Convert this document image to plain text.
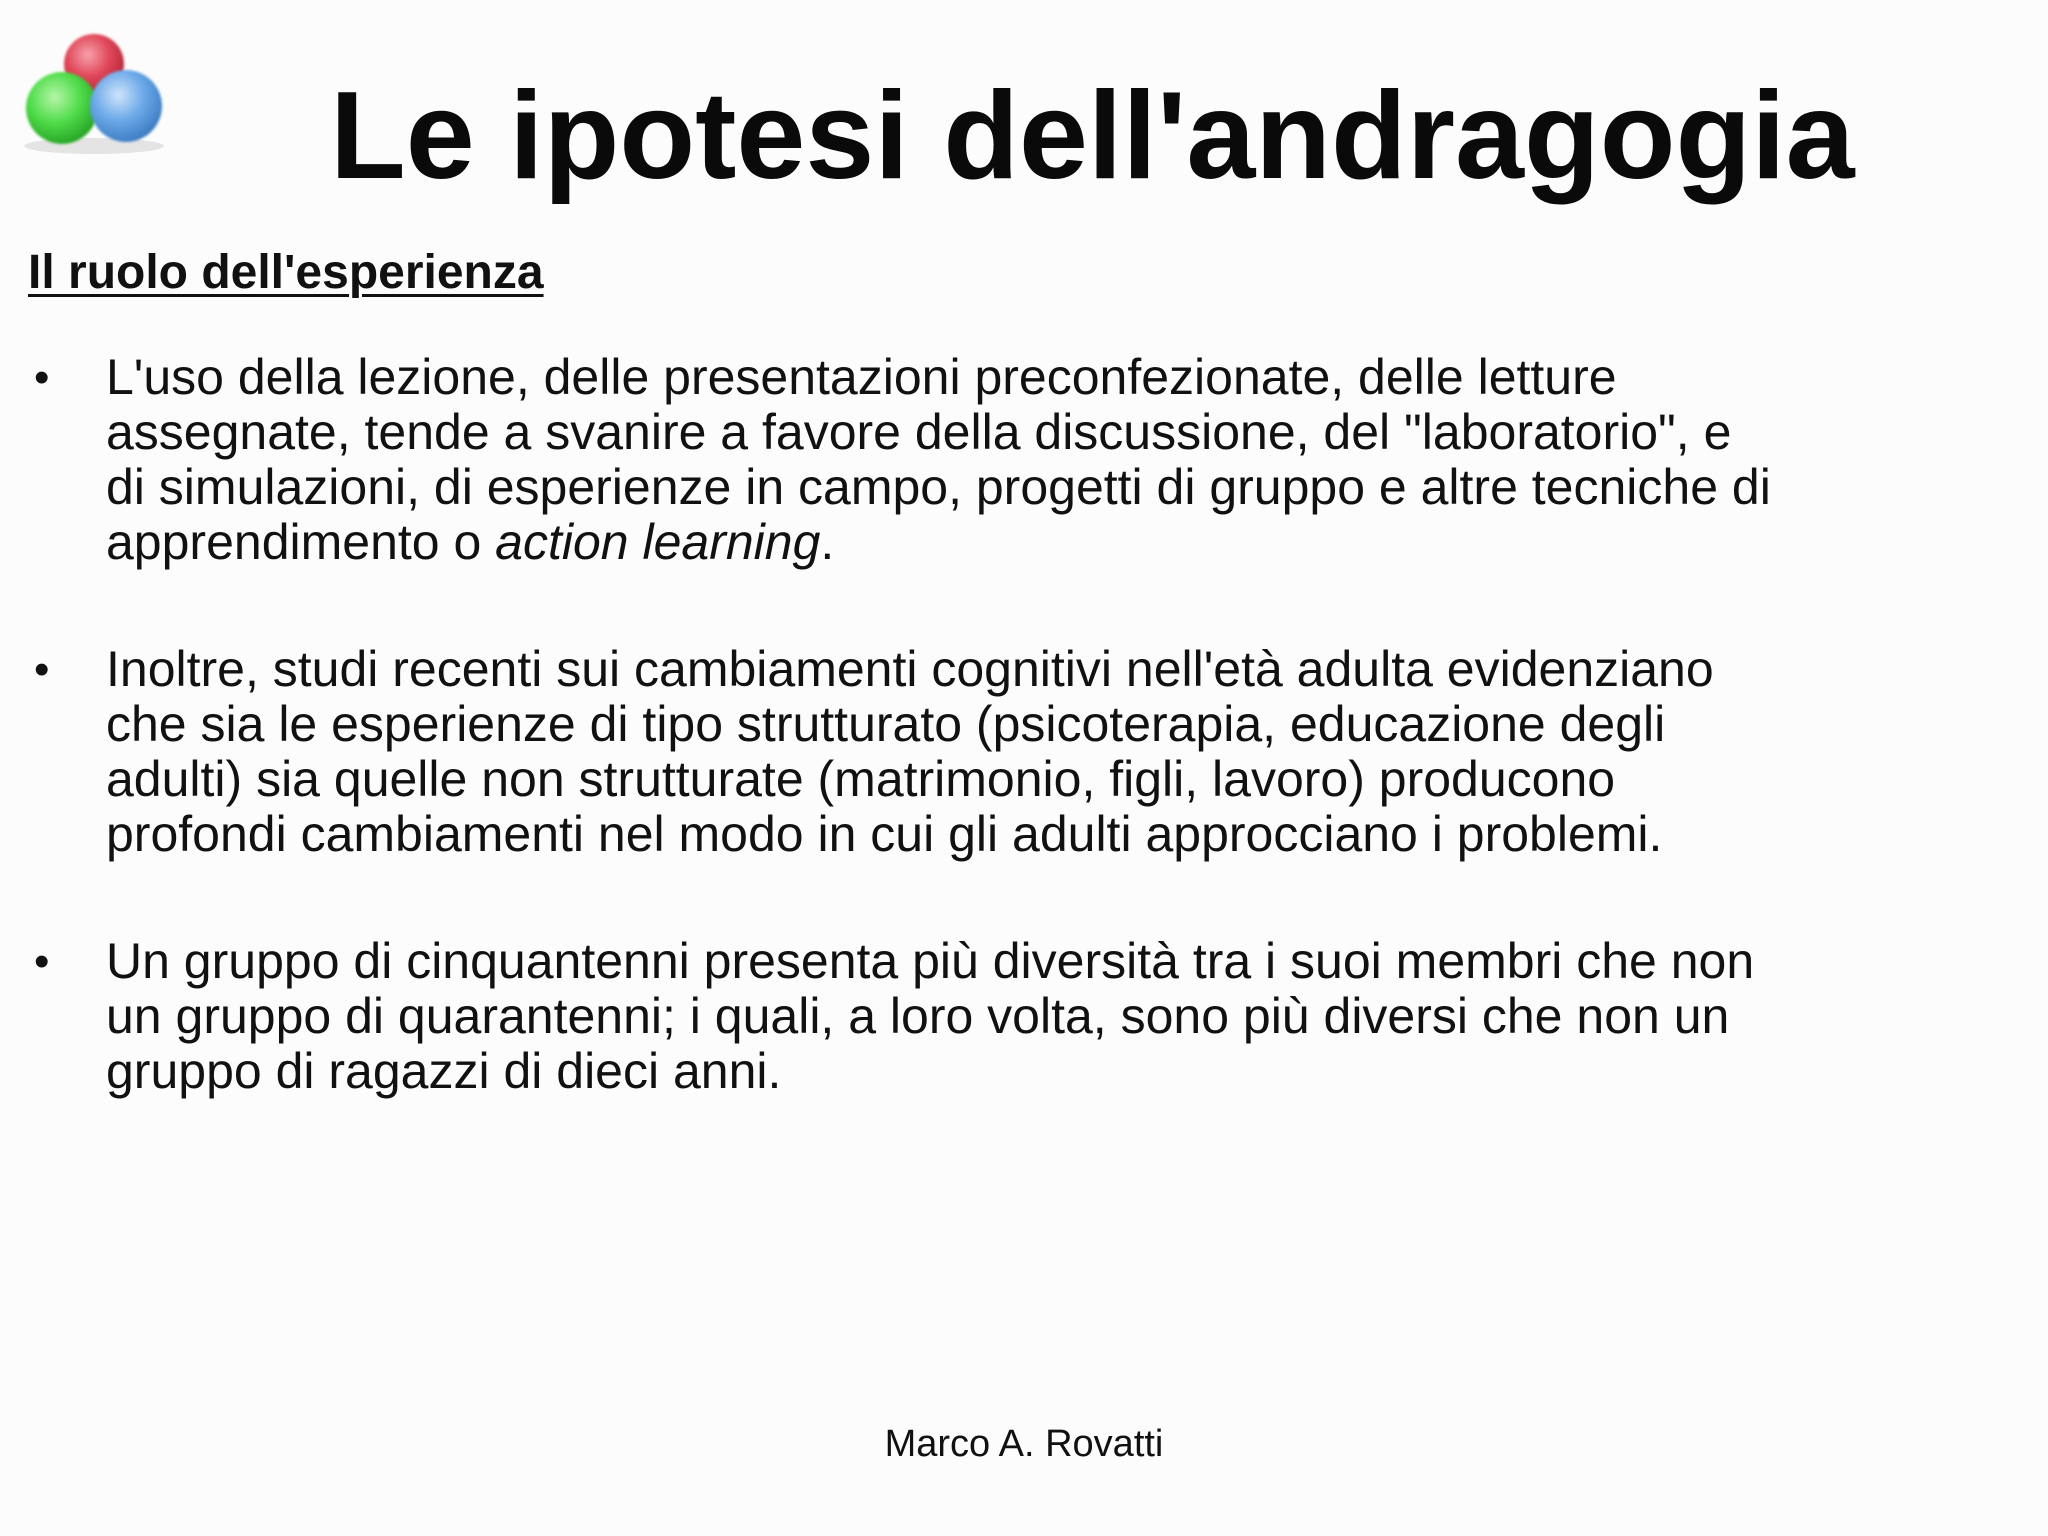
Le ipotesi dell'andragogia
Il ruolo dell'esperienza
• L'uso della lezione, delle presentazioni preconfezionate, delle letture
assegnate, tende a svanire a favore della discussione, del "laboratorio", e
di simulazioni, di esperienze in campo, progetti di gruppo e altre tecniche di
apprendimento o action learning.
• Inoltre, studi recenti sui cambiamenti cognitivi nell'età adulta evidenziano
che sia le esperienze di tipo strutturato (psicoterapia, educazione degli
adulti) sia quelle non strutturate (matrimonio, figli, lavoro) producono
profondi cambiamenti nel modo in cui gli adulti approcciano i problemi.
• Un gruppo di cinquantenni presenta più diversità tra i suoi membri che non
un gruppo di quarantenni; i quali, a loro volta, sono più diversi che non un
gruppo di ragazzi di dieci anni.

Marco A. Rovatti
